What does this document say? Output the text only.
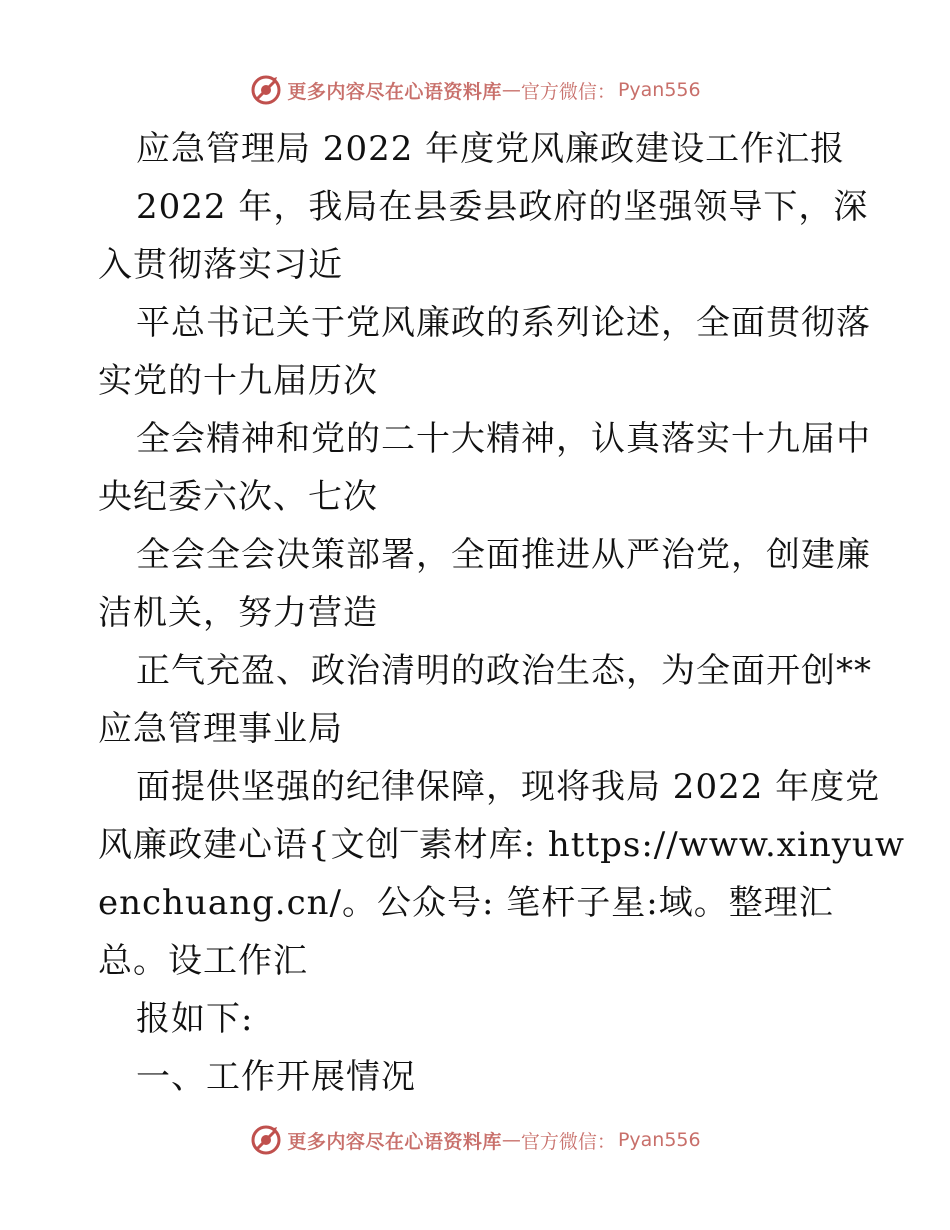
更多内容尽在心语资料库 — 官方微信： Pyan556
应急管理局 2022 年度党风廉政建设工作汇报
2022 年，我局在县委县政府的坚强领导下，深
入贯彻落实习近
平总书记关于党风廉政的系列论述，全面贯彻落
实党的十九届历次
全会精神和党的二十大精神，认真落实十九届中
央纪委六次、七次
全会全会决策部署，全面推进从严治党，创建廉
洁机关，努力营造
正气充盈、政治清明的政治生态，为全面开创**
应急管理事业局
面提供坚强的纪律保障，现将我局 2022 年度党
风廉政建心语{文创‾素材库: https://www.xinyuw
enchuang.cn/。公众号: 笔杆子星:域。整理汇
总。设工作汇
报如下:
一、工作开展情况
更多内容尽在心语资料库 — 官方微信： Pyan556
